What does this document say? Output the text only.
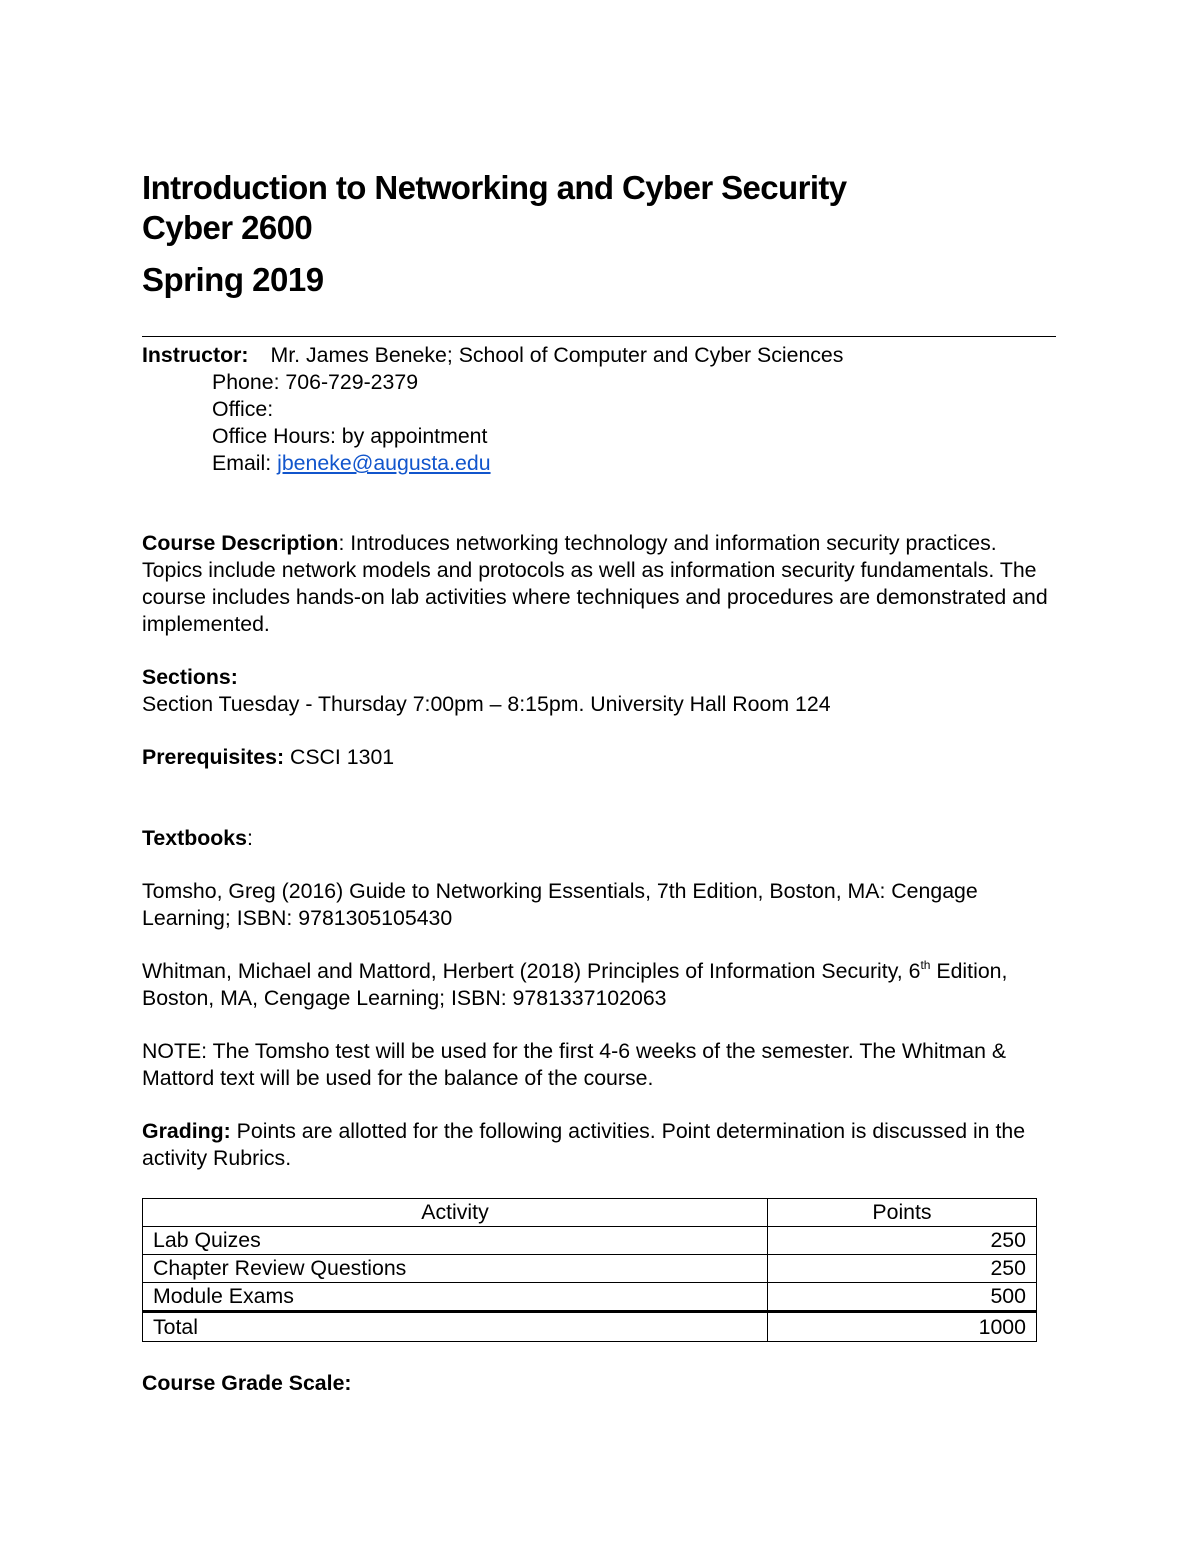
Introduction to Networking and Cyber Security
Cyber 2600
Spring 2019
Instructor: Mr. James Beneke; School of Computer and Cyber Sciences
Phone: 706-729-2379
Office:
Office Hours: by appointment
Email: jbeneke@augusta.edu
Course Description: Introduces networking technology and information security practices. Topics include network models and protocols as well as information security fundamentals. The course includes hands-on lab activities where techniques and procedures are demonstrated and implemented.
Sections:
Section Tuesday - Thursday 7:00pm – 8:15pm. University Hall Room 124
Prerequisites: CSCI 1301
Textbooks:
Tomsho, Greg (2016) Guide to Networking Essentials, 7th Edition, Boston, MA: Cengage Learning; ISBN: 9781305105430
Whitman, Michael and Mattord, Herbert (2018) Principles of Information Security, 6th Edition, Boston, MA, Cengage Learning; ISBN: 9781337102063
NOTE: The Tomsho test will be used for the first 4-6 weeks of the semester. The Whitman & Mattord text will be used for the balance of the course.
Grading: Points are allotted for the following activities. Point determination is discussed in the activity Rubrics.
Activity	Points
Lab Quizes	250
Chapter Review Questions	250
Module Exams	500
Total	1000
Course Grade Scale:
